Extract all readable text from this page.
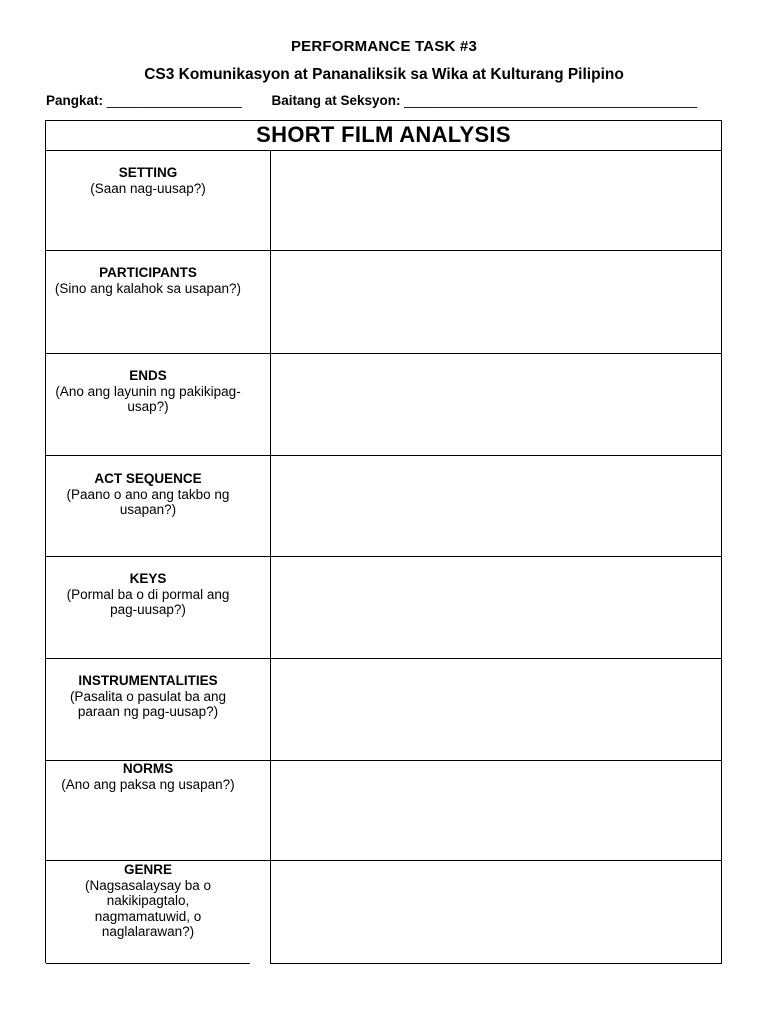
PERFORMANCE TASK #3
CS3 Komunikasyon at Pananaliksik sa Wika at Kulturang Pilipino
Pangkat: __________________ Baitang at Seksyon: _______________________________________
SHORT FILM ANALYSIS
SETTING
(Saan nag-uusap?)
PARTICIPANTS
(Sino ang kalahok sa usapan?)
ENDS
(Ano ang layunin ng pakikipag-usap?)
ACT SEQUENCE
(Paano o ano ang takbo ng usapan?)
KEYS
(Pormal ba o di pormal ang pag-uusap?)
INSTRUMENTALITIES
(Pasalita o pasulat ba ang paraan ng pag-uusap?)
NORMS
(Ano ang paksa ng usapan?)
GENRE
(Nagsasalaysay ba o nakikipagtalo, nagmamatuwid, o naglalarawan?)
